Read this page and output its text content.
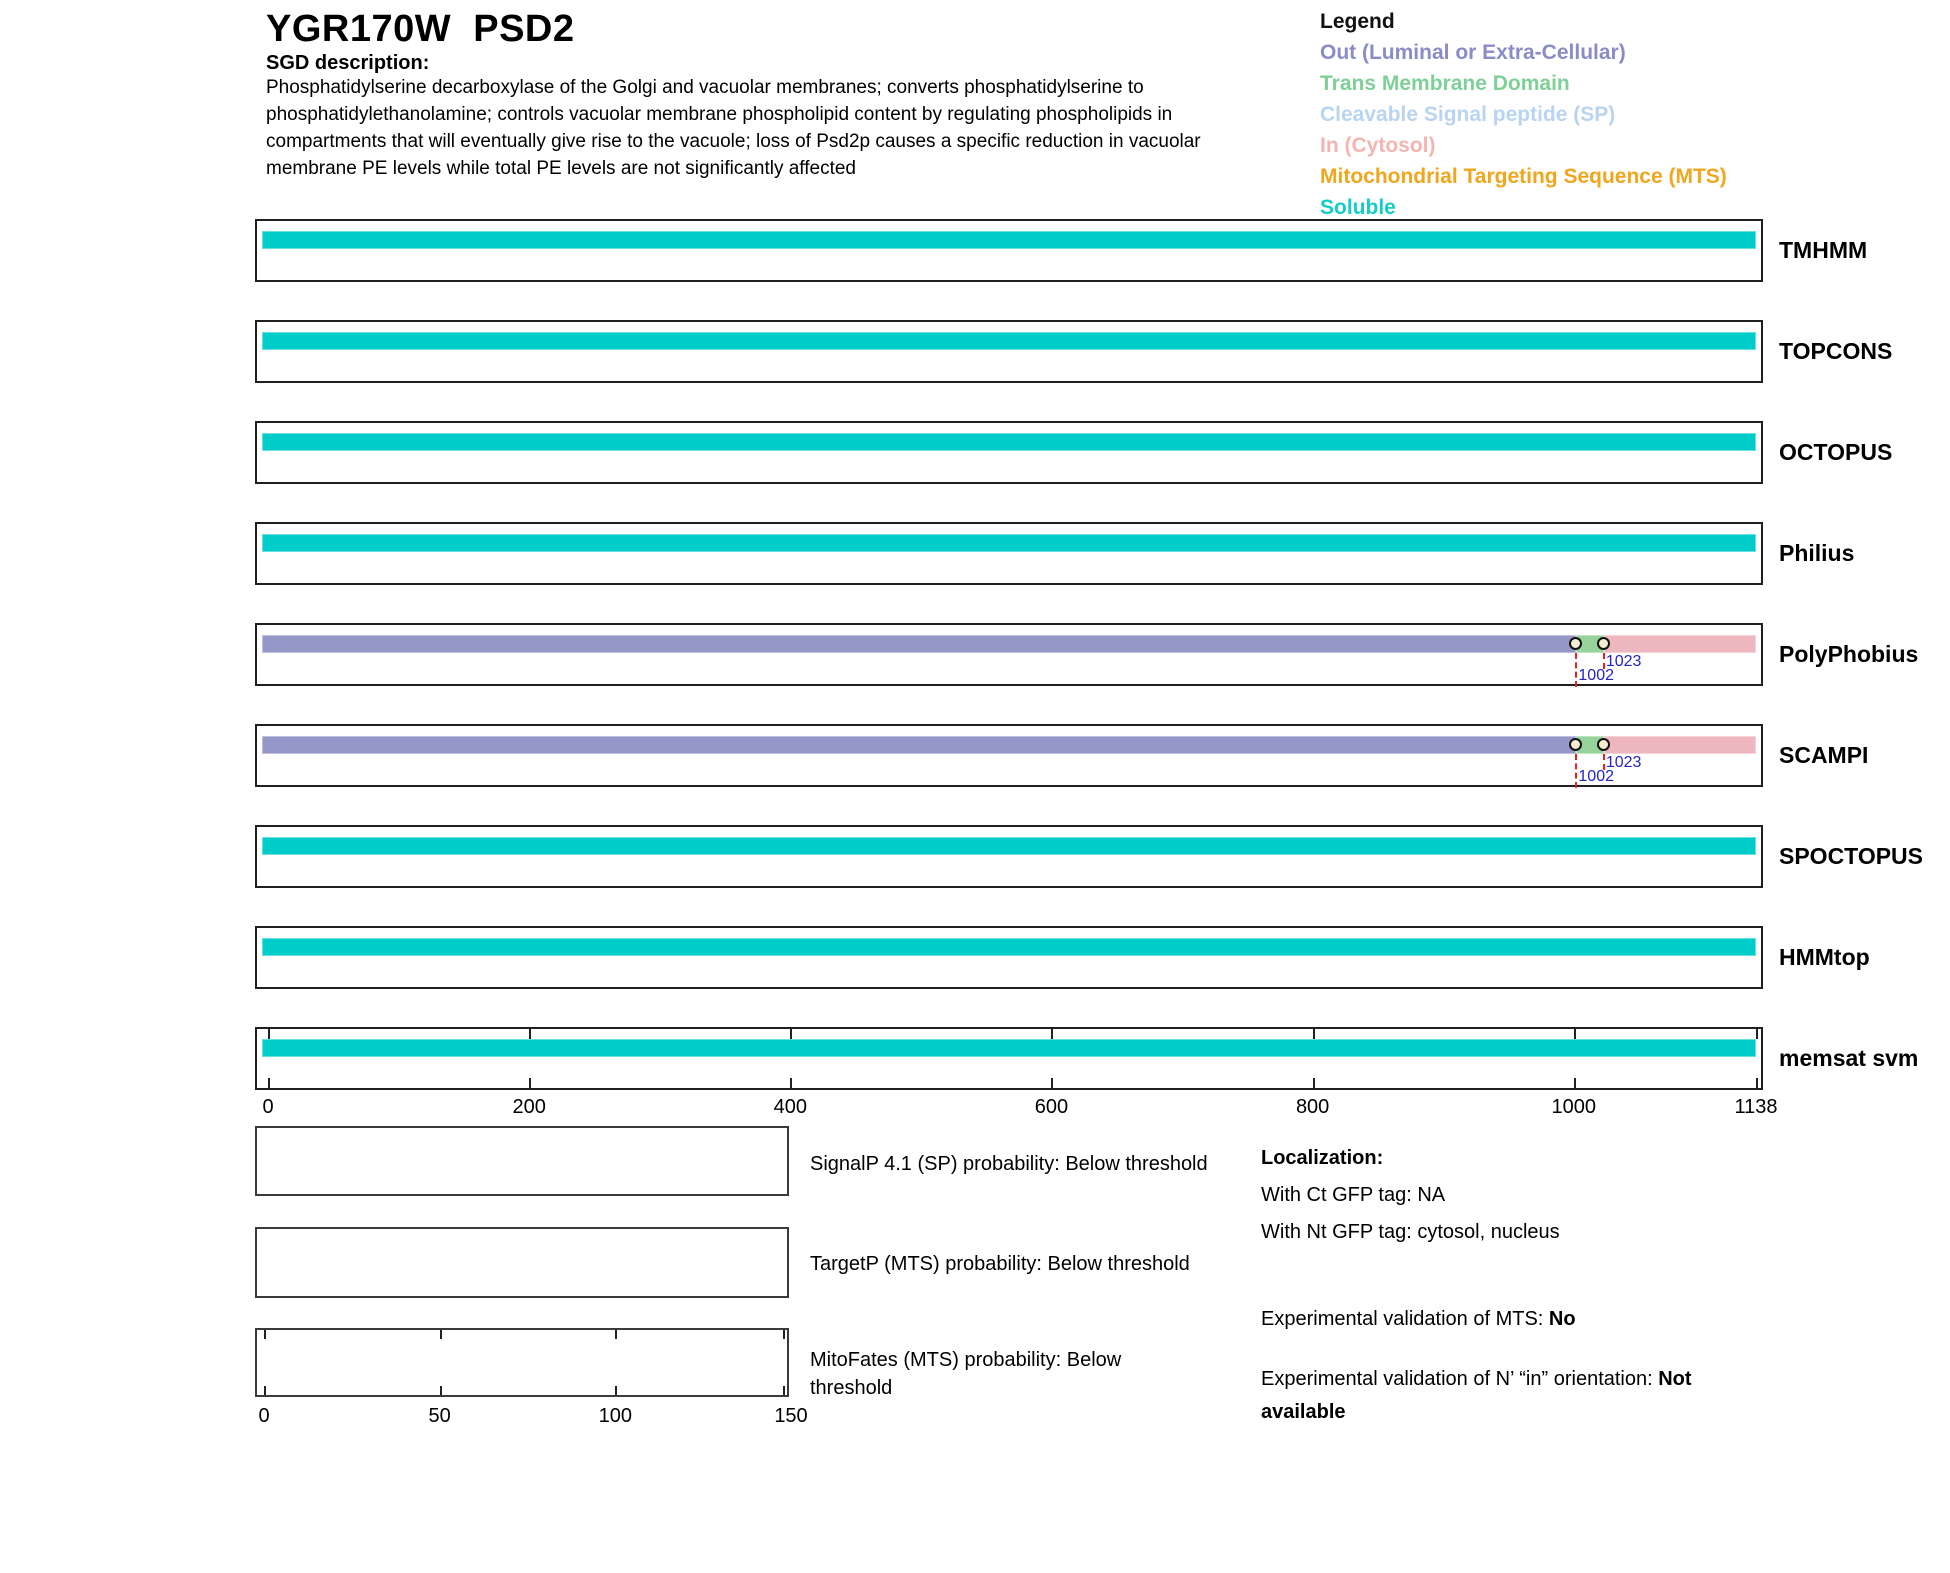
YGR170W  PSD2
SGD description:
Phosphatidylserine decarboxylase of the Golgi and vacuolar membranes; converts phosphatidylserine to phosphatidylethanolamine; controls vacuolar membrane phospholipid content by regulating phospholipids in compartments that will eventually give rise to the vacuole; loss of Psd2p causes a specific reduction in vacuolar membrane PE levels while total PE levels are not significantly affected
Legend
Out (Luminal or Extra-Cellular)
Trans Membrane Domain
Cleavable Signal peptide (SP)
In (Cytosol)
Mitochondrial Targeting Sequence (MTS)
Soluble
TMHMM
TOPCONS
OCTOPUS
Philius
1002
1023	PolyPhobius
1002
1023	SCAMPI
SPOCTOPUS
HMMtop
memsat svm
0	200	400	600	800	1000	1138
SignalP 4.1 (SP) probability: Below threshold
TargetP (MTS) probability: Below threshold
0	50	100	150
MitoFates (MTS) probability: Below
threshold
Localization:
With Ct GFP tag: NA
With Nt GFP tag: cytosol, nucleus
Experimental validation of MTS: No
Experimental validation of N’ “in” orientation: Not available
